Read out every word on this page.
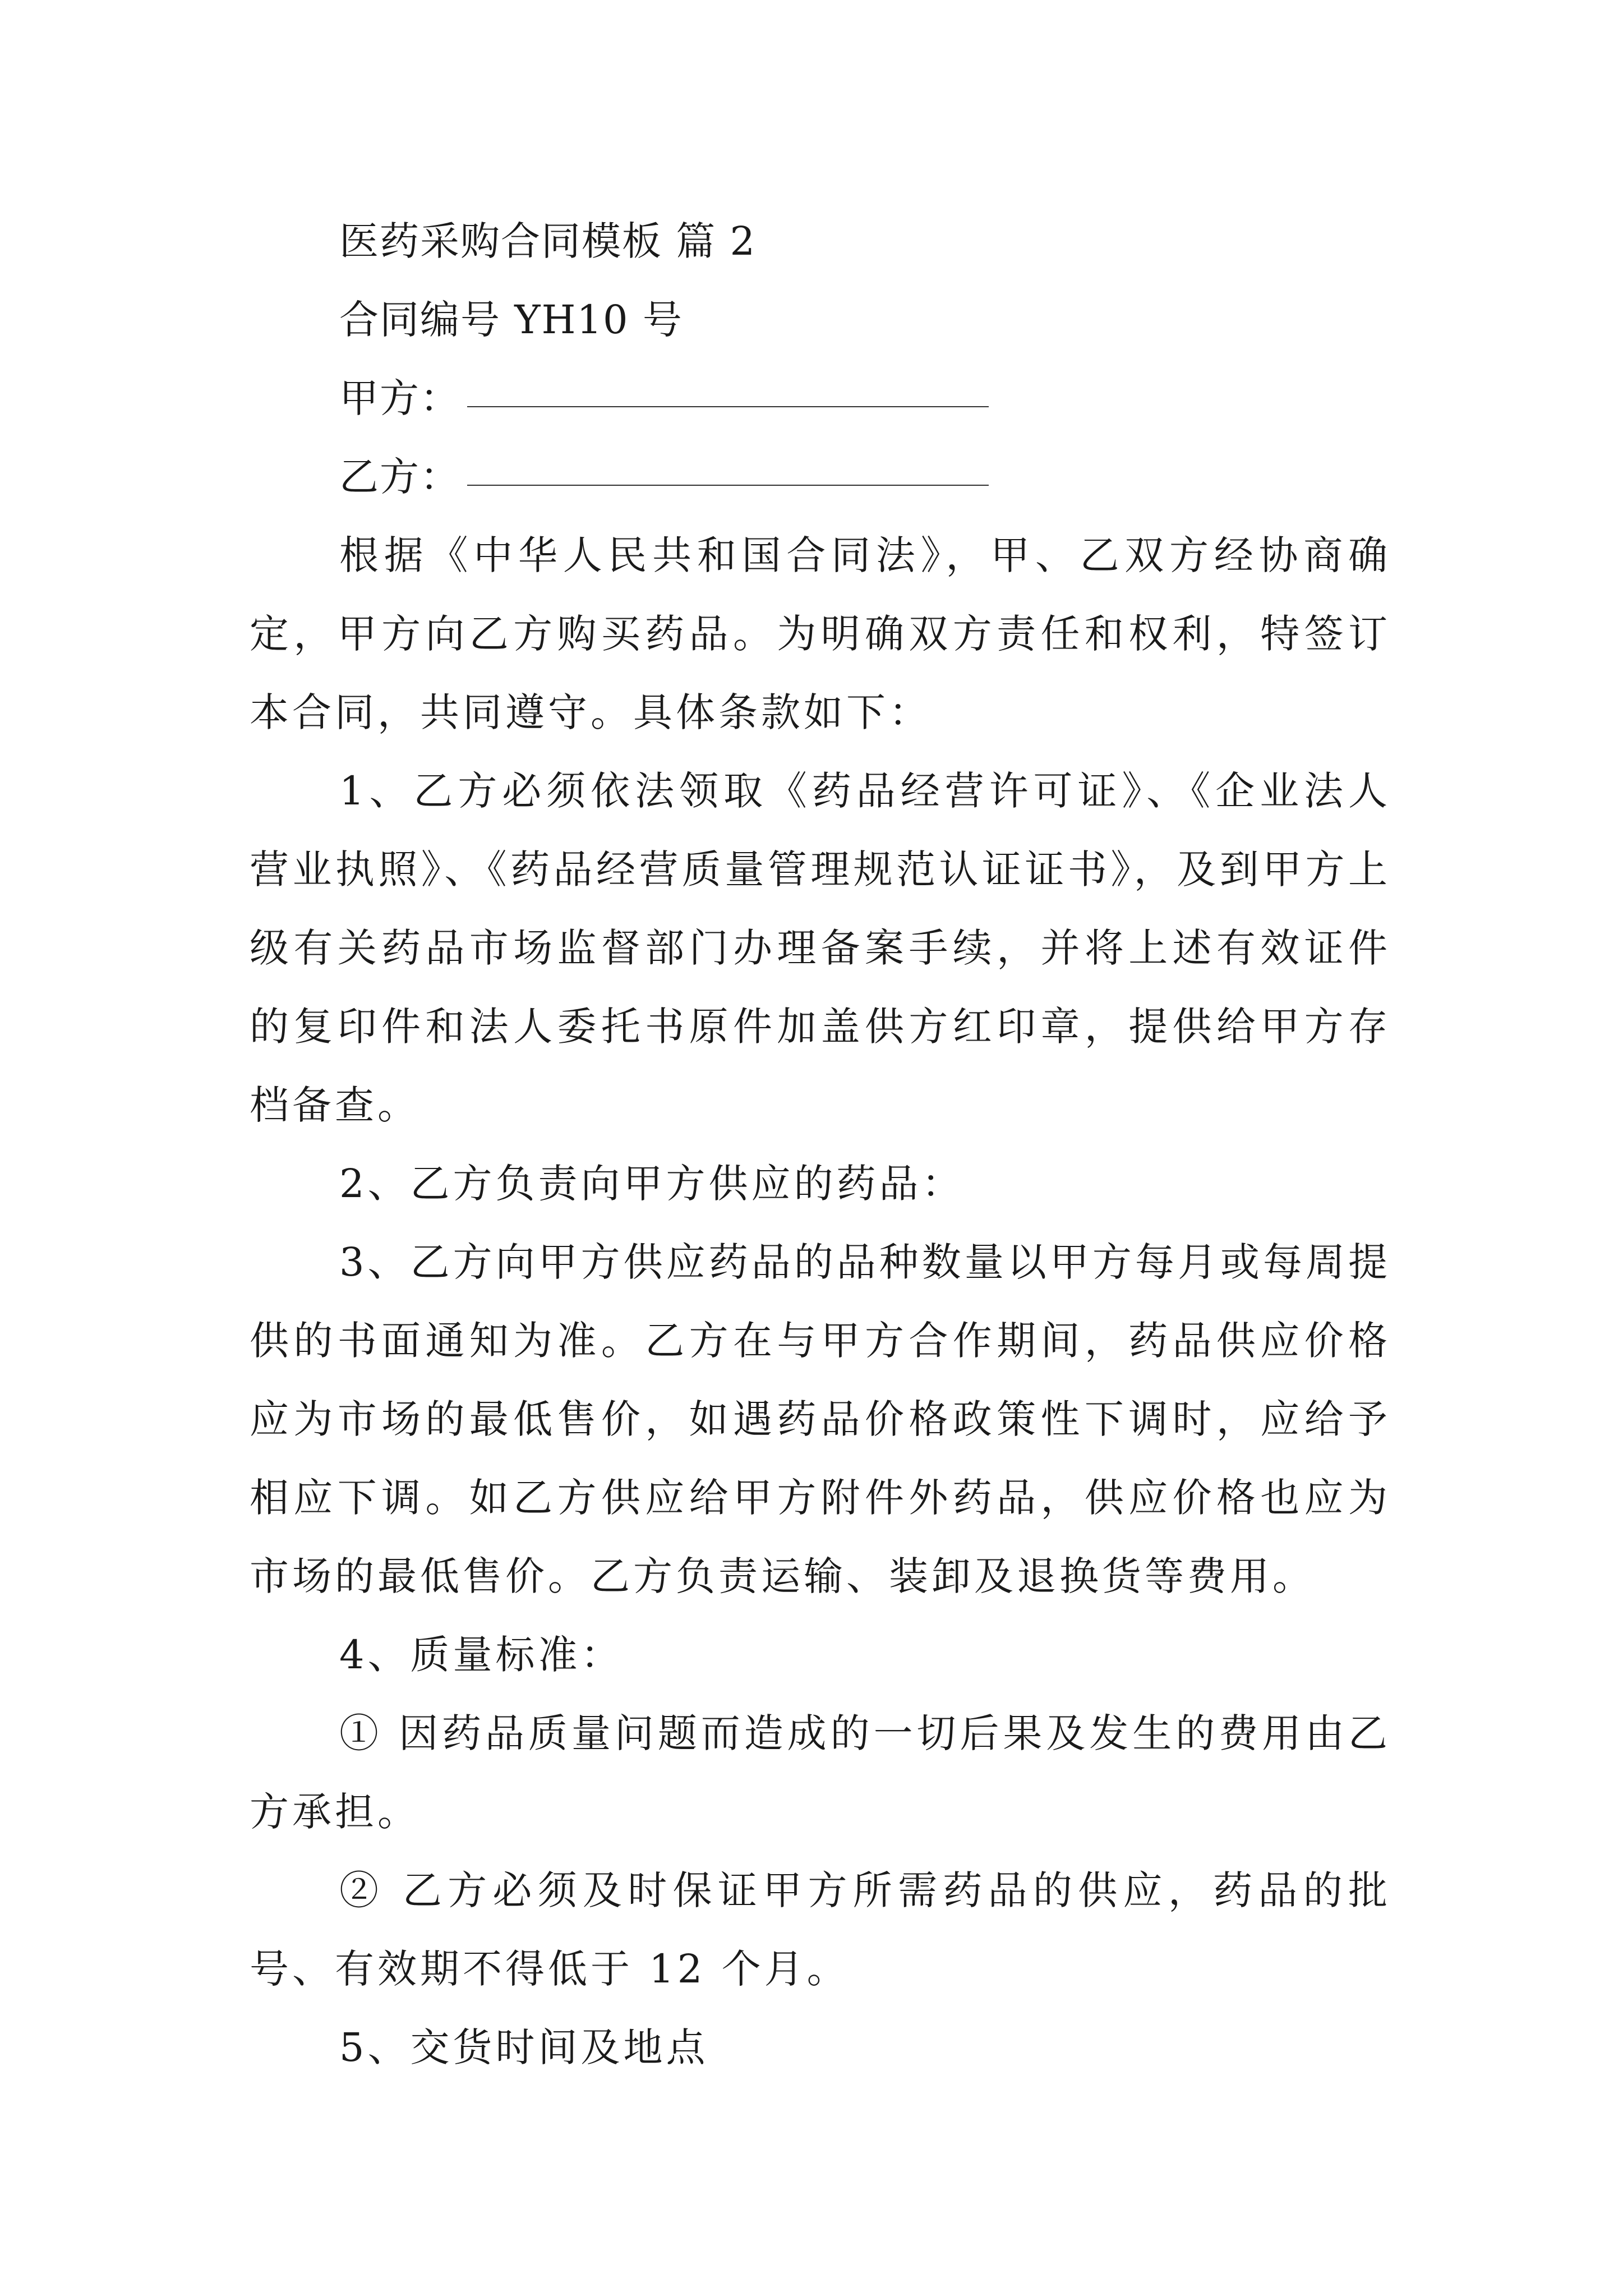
医药采购合同模板 篇 2
合同编号 YH10 号
甲方：
乙方：

根据《中华人民共和国合同法》，甲、乙双方经协商确定，甲方向乙方购买药品。为明确双方责任和权利，特签订本合同，共同遵守。具体条款如下：

1、乙方必须依法领取《药品经营许可证》、《企业法人营业执照》、《药品经营质量管理规范认证证书》，及到甲方上级有关药品市场监督部门办理备案手续，并将上述有效证件的复印件和法人委托书原件加盖供方红印章，提供给甲方存档备查。

2、乙方负责向甲方供应的药品：

3、乙方向甲方供应药品的品种数量以甲方每月或每周提供的书面通知为准。乙方在与甲方合作期间，药品供应价格应为市场的最低售价，如遇药品价格政策性下调时，应给予相应下调。如乙方供应给甲方附件外药品，供应价格也应为市场的最低售价。乙方负责运输、装卸及退换货等费用。

4、质量标准：

① 因药品质量问题而造成的一切后果及发生的费用由乙方承担。

② 乙方必须及时保证甲方所需药品的供应，药品的批号、有效期不得低于 12 个月。

5、交货时间及地点
